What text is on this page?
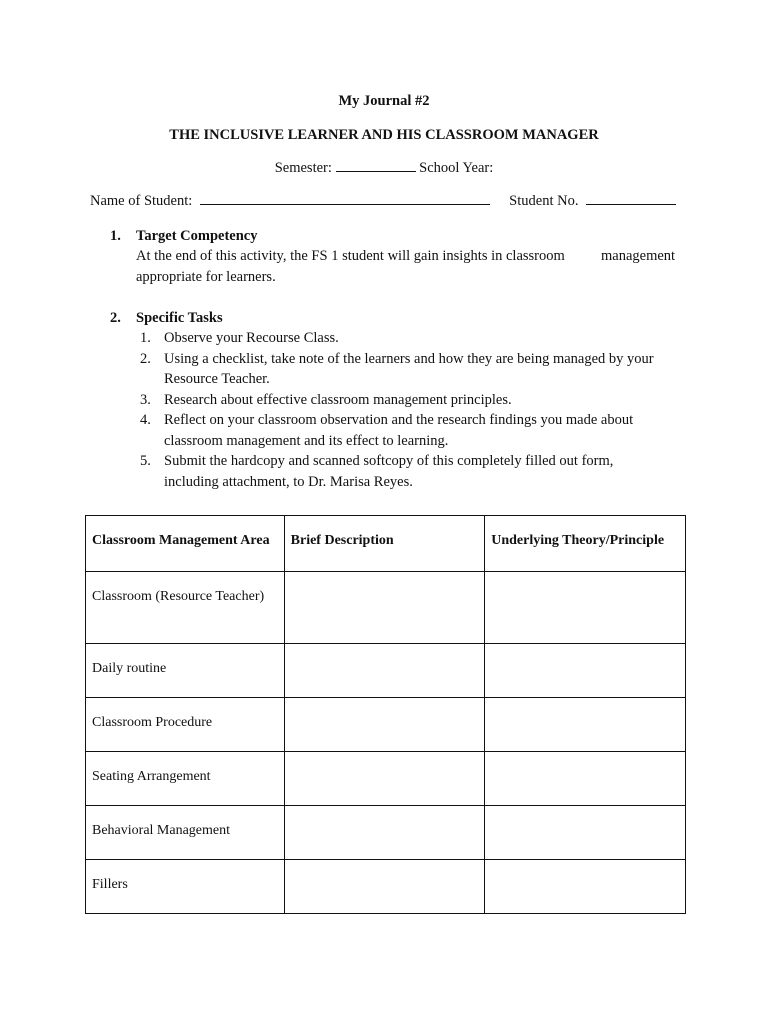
My Journal #2
THE INCLUSIVE LEARNER AND HIS CLASSROOM MANAGER
Semester:	School Year:
Name of Student:	Student No.
1. Target Competency
At the end of this activity, the FS 1 student will gain insights in classroom management
appropriate for learners.
2. Specific Tasks
1. Observe your Recourse Class.
2. Using a checklist, take note of the learners and how they are being managed by your
Resource Teacher.
3. Research about effective classroom management principles.
4. Reflect on your classroom observation and the research findings you made about
classroom management and its effect to learning.
5. Submit the hardcopy and scanned softcopy of this completely filled out form,
including attachment, to Dr. Marisa Reyes.
Classroom Management Area	Brief Description	Underlying Theory/Principle

Classroom (Resource Teacher)		

Daily routine		

Classroom Procedure		

Seating Arrangement		

Behavioral Management		

Fillers		
